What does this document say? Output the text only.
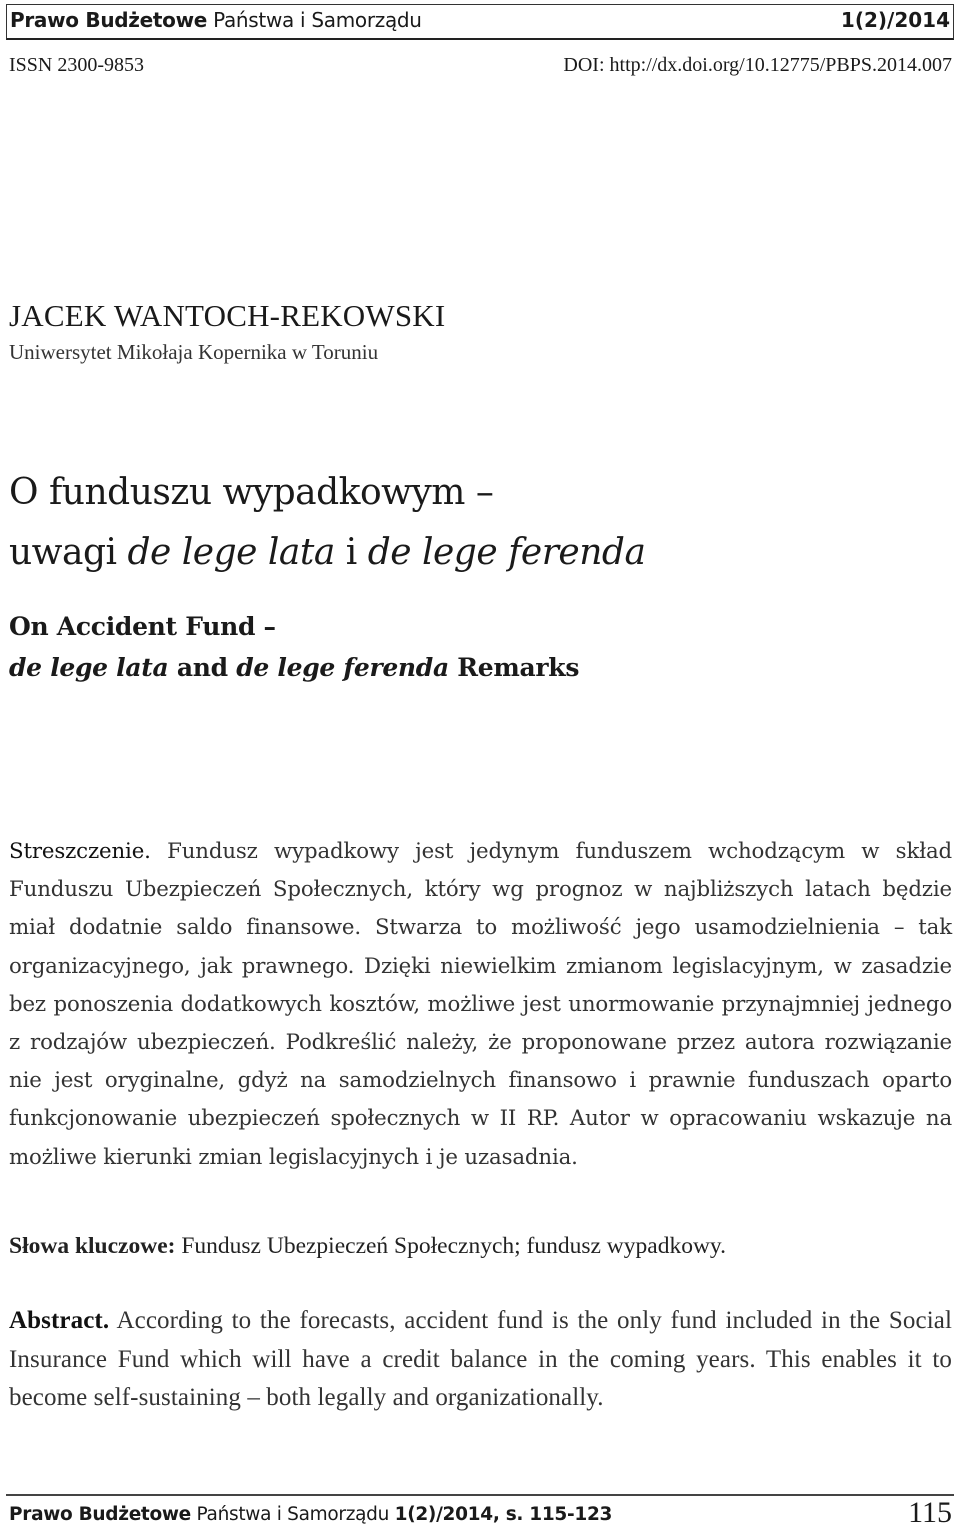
Prawo Budżetowe Państwa i Samorządu	1(2)/2014
ISSN 2300-9853	DOI: http://dx.doi.org/10.12775/PBPS.2014.007
JACEK WANTOCH-REKOWSKI
Uniwersytet Mikołaja Kopernika w Toruniu
O funduszu wypadkowym –
uwagi de lege lata i de lege ferenda
On Accident Fund –
de lege lata and de lege ferenda Remarks
Streszczenie. Fundusz wypadkowy jest jedynym funduszem wchodzącym w skład Funduszu Ubezpieczeń Społecznych, który wg prognoz w najbliższych latach będzie miał dodatnie saldo finansowe. Stwarza to możliwość jego usamodzielnienia – tak organizacyjnego, jak prawnego. Dzięki niewielkim zmianom legislacyjnym, w zasadzie bez ponoszenia dodatkowych kosztów, możliwe jest unormowanie przynajmniej jednego z rodzajów ubezpieczeń. Podkreślić należy, że proponowane przez autora rozwiązanie nie jest oryginalne, gdyż na samodzielnych finansowo i prawnie funduszach oparto funkcjonowanie ubezpieczeń społecznych w II RP. Autor w opracowaniu wskazuje na możliwe kierunki zmian legislacyjnych i je uzasadnia.
Słowa kluczowe: Fundusz Ubezpieczeń Społecznych; fundusz wypadkowy.
Abstract. According to the forecasts, accident fund is the only fund included in the Social Insurance Fund which will have a credit balance in the coming years. This enables it to become self-sustaining – both legally and organizationally.
Prawo Budżetowe Państwa i Samorządu 1(2)/2014, s. 115-123	115
